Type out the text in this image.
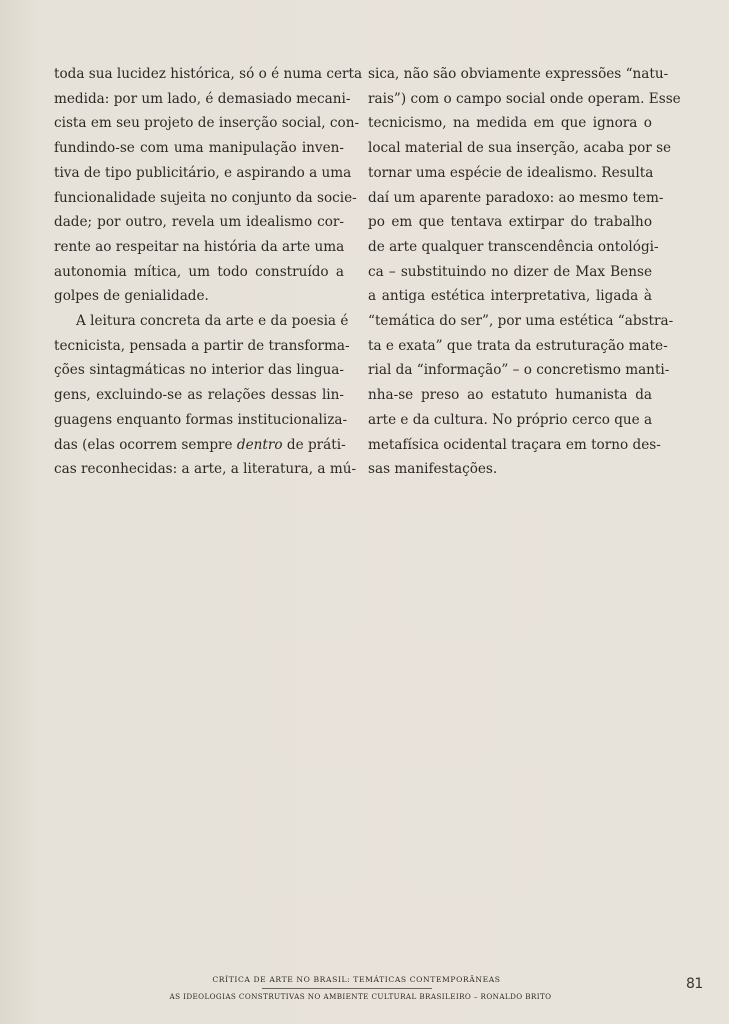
toda sua lucidez histórica, só o é numa certa
medida: por um lado, é demasiado mecani-
cista em seu projeto de inserção social, con-
fundindo-se com uma manipulação inven-
tiva de tipo publicitário, e aspirando a uma
funcionalidade sujeita no conjunto da socie-
dade; por outro, revela um idealismo cor-
rente ao respeitar na história da arte uma
autonomia mítica, um todo construído a
golpes de genialidade.
A leitura concreta da arte e da poesia é
tecnicista, pensada a partir de transforma-
ções sintagmáticas no interior das lingua-
gens, excluindo-se as relações dessas lin-
guagens enquanto formas institucionaliza-
das (elas ocorrem sempre dentro de práti-
cas reconhecidas: a arte, a literatura, a mú-
sica, não são obviamente expressões “natu-
rais”) com o campo social onde operam. Esse
tecnicismo, na medida em que ignora o
local material de sua inserção, acaba por se
tornar uma espécie de idealismo. Resulta
daí um aparente paradoxo: ao mesmo tem-
po em que tentava extirpar do trabalho
de arte qualquer transcendência ontológi-
ca – substituindo no dizer de Max Bense
a antiga estética interpretativa, ligada à
“temática do ser”, por uma estética “abstra-
ta e exata” que trata da estruturação mate-
rial da “informação” – o concretismo manti-
nha-se preso ao estatuto humanista da
arte e da cultura. No próprio cerco que a
metafísica ocidental traçara em torno des-
sas manifestações.
CRÍTICA DE ARTE NO BRASIL: TEMÁTICAS CONTEMPORÂNEAS
AS IDEOLOGIAS CONSTRUTIVAS NO AMBIENTE CULTURAL BRASILEIRO – RONALDO BRITO
81
